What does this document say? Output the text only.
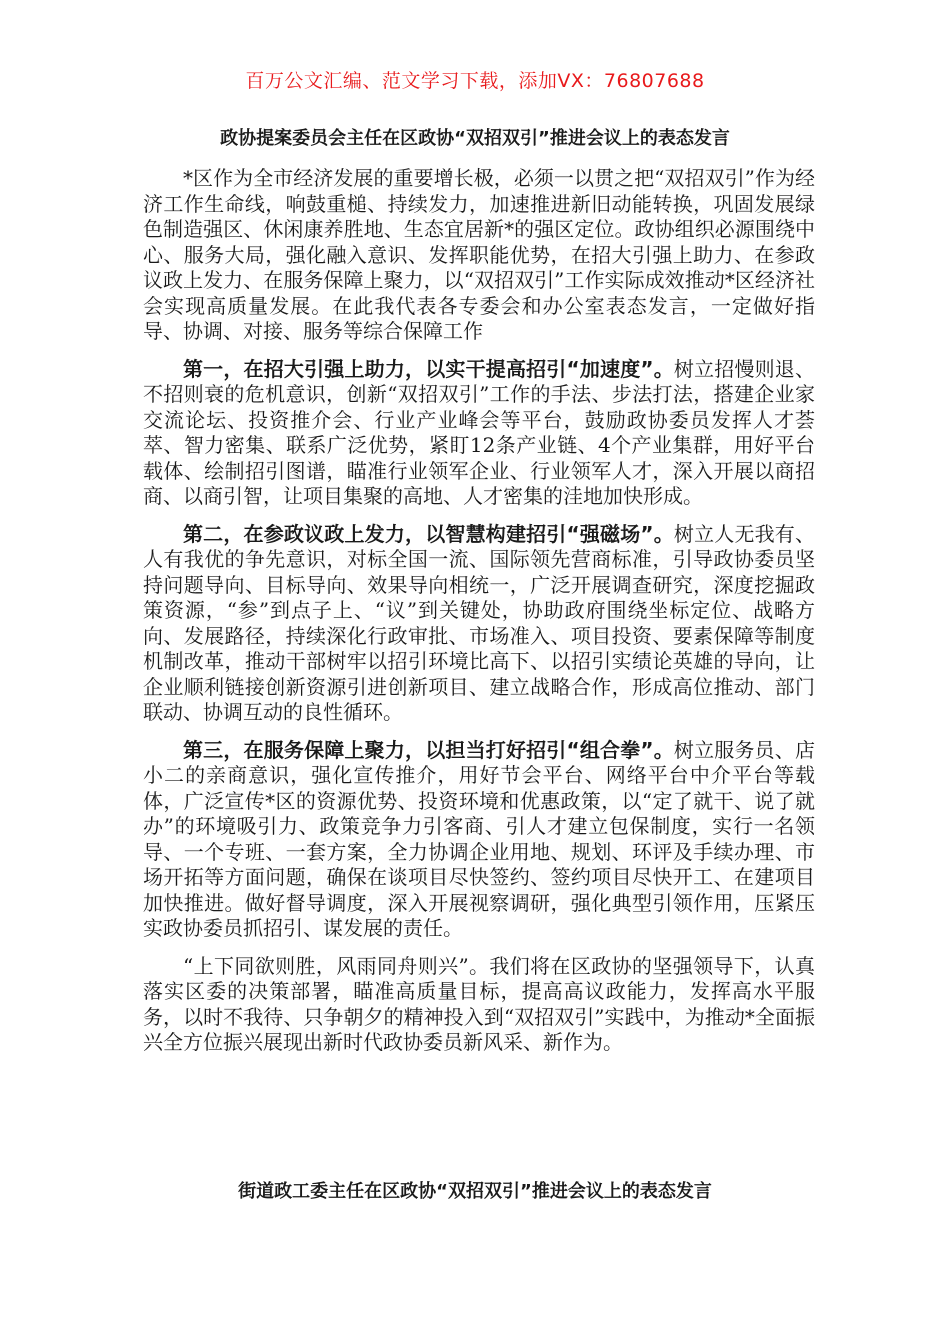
百万公文汇编、范文学习下载，添加VX：76807688
政协提案委员会主任在区政协“双招双引”推进会议上的表态发言

*区作为全市经济发展的重要增长极，必须一以贯之把“双招双引”作为经济工作生命线，响鼓重槌、持续发力，加速推进新旧动能转换，巩固发展绿色制造强区、休闲康养胜地、生态宜居新*的强区定位。政协组织必源围绕中心、服务大局，强化融入意识、发挥职能优势，在招大引强上助力、在参政议政上发力、在服务保障上聚力，以“双招双引”工作实际成效推动*区经济社会实现高质量发展。在此我代表各专委会和办公室表态发言，一定做好指导、协调、对接、服务等综合保障工作

第一，在招大引强上助力，以实干提高招引“加速度”。树立招慢则退、不招则衰的危机意识，创新“双招双引”工作的手法、步法打法，搭建企业家交流论坛、投资推介会、行业产业峰会等平台，鼓励政协委员发挥人才荟萃、智力密集、联系广泛优势，紧盯12条产业链、4个产业集群，用好平台载体、绘制招引图谱，瞄准行业领军企业、行业领军人才，深入开展以商招商、以商引智，让项目集聚的高地、人才密集的洼地加快形成。

第二，在参政议政上发力，以智慧构建招引“强磁场”。树立人无我有、人有我优的争先意识，对标全国一流、国际领先营商标准，引导政协委员坚持问题导向、目标导向、效果导向相统一，广泛开展调查研究，深度挖掘政策资源，“参”到点子上、“议”到关键处，协助政府围绕坐标定位、战略方向、发展路径，持续深化行政审批、市场准入、项目投资、要素保障等制度机制改革，推动干部树牢以招引环境比高下、以招引实绩论英雄的导向，让企业顺利链接创新资源引进创新项目、建立战略合作，形成高位推动、部门联动、协调互动的良性循环。

第三，在服务保障上聚力，以担当打好招引“组合拳”。树立服务员、店小二的亲商意识，强化宣传推介，用好节会平台、网络平台中介平台等载体，广泛宣传*区的资源优势、投资环境和优惠政策，以“定了就干、说了就办”的环境吸引力、政策竞争力引客商、引人才建立包保制度，实行一名领导、一个专班、一套方案，全力协调企业用地、规划、环评及手续办理、市场开拓等方面问题，确保在谈项目尽快签约、签约项目尽快开工、在建项目加快推进。做好督导调度，深入开展视察调研，强化典型引领作用，压紧压实政协委员抓招引、谋发展的责任。

“上下同欲则胜，风雨同舟则兴”。我们将在区政协的坚强领导下，认真落实区委的决策部署，瞄准高质量目标，提高高议政能力，发挥高水平服务，以时不我待、只争朝夕的精神投入到“双招双引”实践中，为推动*全面振兴全方位振兴展现出新时代政协委员新风采、新作为。

街道政工委主任在区政协“双招双引”推进会议上的表态发言
